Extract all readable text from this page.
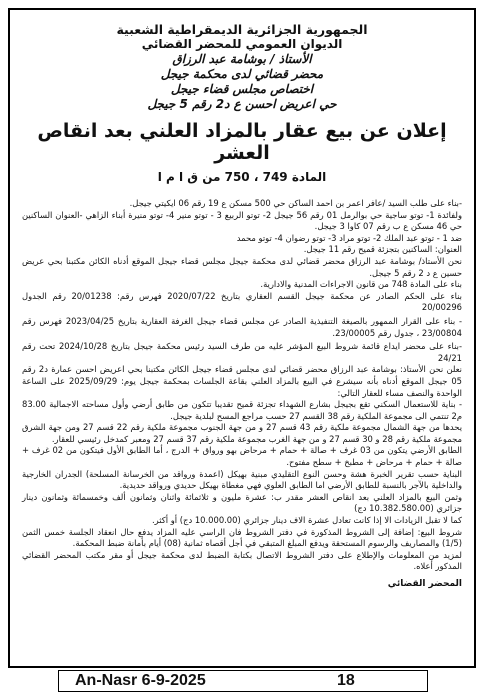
الجمهورية الجزائرية الديمقراطية الشعبية
الديوان العمومي للمحضر القضائي
الأستاذ / بوشامة عبد الرزاق
محضر قضائي لدى محكمة جيجل
اختصاص مجلس قضاء جيجل
حي اعريض احسن ع د2 رقم 5 جيجل
إعلان عن بيع عقار بالمزاد العلني بعد انقاص العشر
المادة 749 ، 750 من ق ا م ا

-بناء على طلب السيد /عافر اعمر بن احمد الساكن حي 500 مسكن ع 19 رقم 06 ايكيتي جيجل.

ولفائدة 1- توتو ساجية حي بوالرمل 01 رقم 56 جيجل 2- توتو الربيع 3 - توتو منير 4- توتو منيرة أبناء الزاهي -العنوان الساكنين حي 46 مسكن ع ب رقم 07 كاوا 3 جيجل.

ضد 1 - توتو عبد الملك 2- توتو مراد 3- توتو رضوان 4- توتو محمد

العنوان: الساكنين بتجزئة قميح رقم 11 جيجل.

نحن الأستاذ/ بوشامة عبد الرزاق محضر قضائي لدى محكمة جيجل مجلس قضاء جيجل الموقع أدناه الكائن مكتبنا بحي عريض حسين ع د 2 رقم 5 جيجل.

بناء على المادة 748 من قانون الاجراءات المدنية والادارية.

بناء على الحكم الصادر عن محكمة جيجل القسم العقاري بتاريخ 2020/07/22 فهرس رقم: 20/01238 رقم الجدول 20/00296

- بناء على القرار الممهور بالصيغة التنفيذية الصادر عن مجلس قضاء جيجل الغرفة العقارية بتاريخ 2023/04/25 فهرس رقم 23/00804 ، جدول رقم 23/00005.

-بناء على محضر ايداع قائمة شروط البيع المؤشر عليه من طرف السيد رئيس محكمة جيجل بتاريخ 2024/10/28 تحت رقم 24/21

نعلن نحن الأستاذ: بوشامة عبد الرزاق محضر قضائي لدى مجلس قضاء جيجل الكائن مكتبنا بحي اعريض احسن عمارة د2 رقم 05 جيجل الموقع أدناه بأنه سيشرع في البيع بالمزاد العلني بقاعة الجلسات بمحكمة جيجل يوم: 2025/09/29 على الساعة الواحدة والنصف مساء للعقار التالي:

- بناية للاستعمال السكني تقع بجيجل بشارع الشهداء تجزئة قميح تقديبا تتكون من طابق أرضي وأول مساحته الاجمالية 83.00 م2 تنتمي الى مجموعة الملكية رقم 38 القسم 27 حسب مراجع المسح لبلدية جيجل.

يحدها من جهة الشمال مجموعة ملكية رقم 43 قسم 27 و من جهة الجنوب مجموعة ملكية رقم 22 قسم 27 ومن جهة الشرق مجموعة ملكية رقم 28 و 30 قسم 27 و من جهة الغرب مجموعة ملكية رقم 37 قسم 27 ومعبر كمدخل رئيسي للعقار.

الطابق الأرضي يتكون من 03 غرف + صالة + حمام + مرحاض بهو ورواق + الدرج ، أما الطابق الأول فيتكون من 02 غرف + صالة + حمام + مرحاض + مطبخ + سطح مفتوح.

البناية حسب تقرير الخبرة هشة وحسن النوع التقليدي مبنية بهيكل (اعمدة ورواقد من الخرسانة المسلحة) الجدران الخارجية والداخلية بالآجر بالنسبة للطابق الأرضي اما الطابق العلوي فهي مغطاة بهيكل حديدي ورواقد حديدية.

وثمن البيع بالمزاد العلني بعد انقاص العشر مقدر ب: عشرة مليون و ثلاثمائة واثنان وثمانون ألف وخمسمائة وثمانون دينار جزائري (10.382.580.00 دج)

كما لا تقبل الزيادات الا إذا كانت تعادل عشرة الاف دينار جزائري (10.000.00 دج) أو أكثر.

شروط البيع: إضافة إلى الشروط المذكورة في دفتر الشروط فان الراسي عليه المزاد يدفع حال انعقاد الجلسة خمس الثمن (1/5) والمصاريف والرسوم المستحقة ويدفع المبلغ المتبقي في أجل أقصاه ثمانية (08) أيام بأمانة ضبط المحكمة.

لمزيد من المعلومات والإطلاع على دفتر الشروط الاتصال بكتابة الضبط لدى محكمة جيجل أو مقر مكتب المحضر القضائي المذكور أعلاه.

المحضر القضائي
An-Nasr 6-9-2025	18
